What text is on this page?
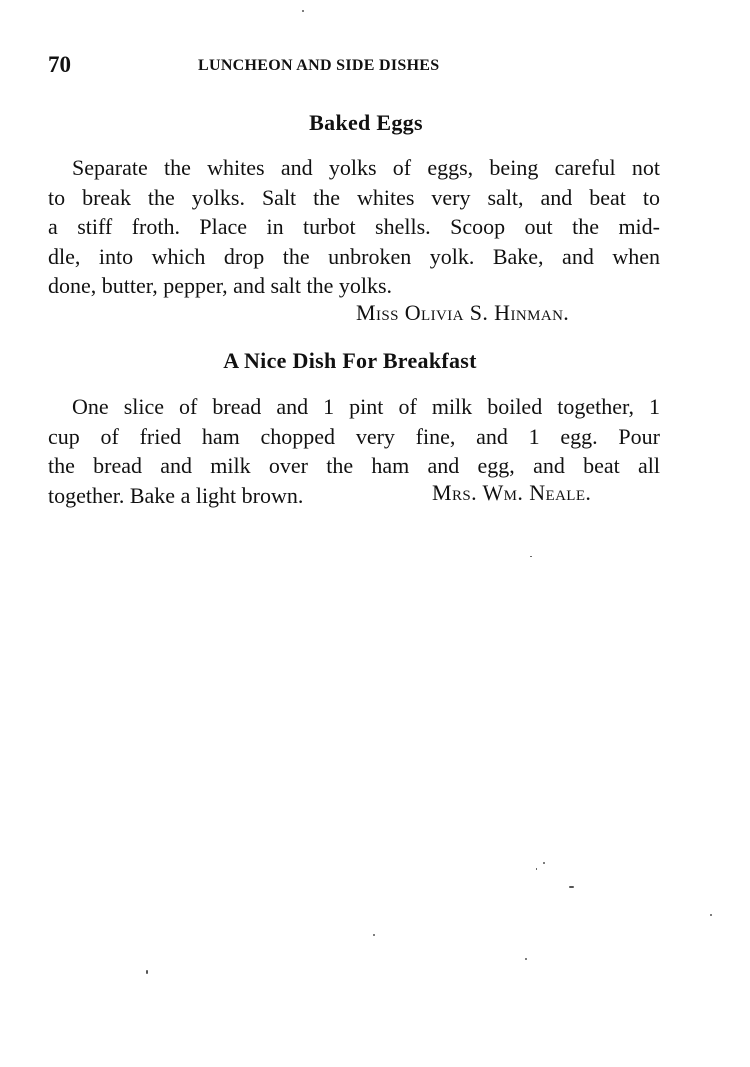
70	LUNCHEON AND SIDE DISHES
Baked Eggs
Separate the whites and yolks of eggs, being careful not
to break the yolks. Salt the whites very salt, and beat to
a stiff froth. Place in turbot shells. Scoop out the mid-
dle, into which drop the unbroken yolk. Bake, and when
done, butter, pepper, and salt the yolks.
Miss Olivia S. Hinman.
A Nice Dish For Breakfast
One slice of bread and 1 pint of milk boiled together, 1
cup of fried ham chopped very fine, and 1 egg. Pour
the bread and milk over the ham and egg, and beat all
together. Bake a light brown.	Mrs. Wm. Neale.
